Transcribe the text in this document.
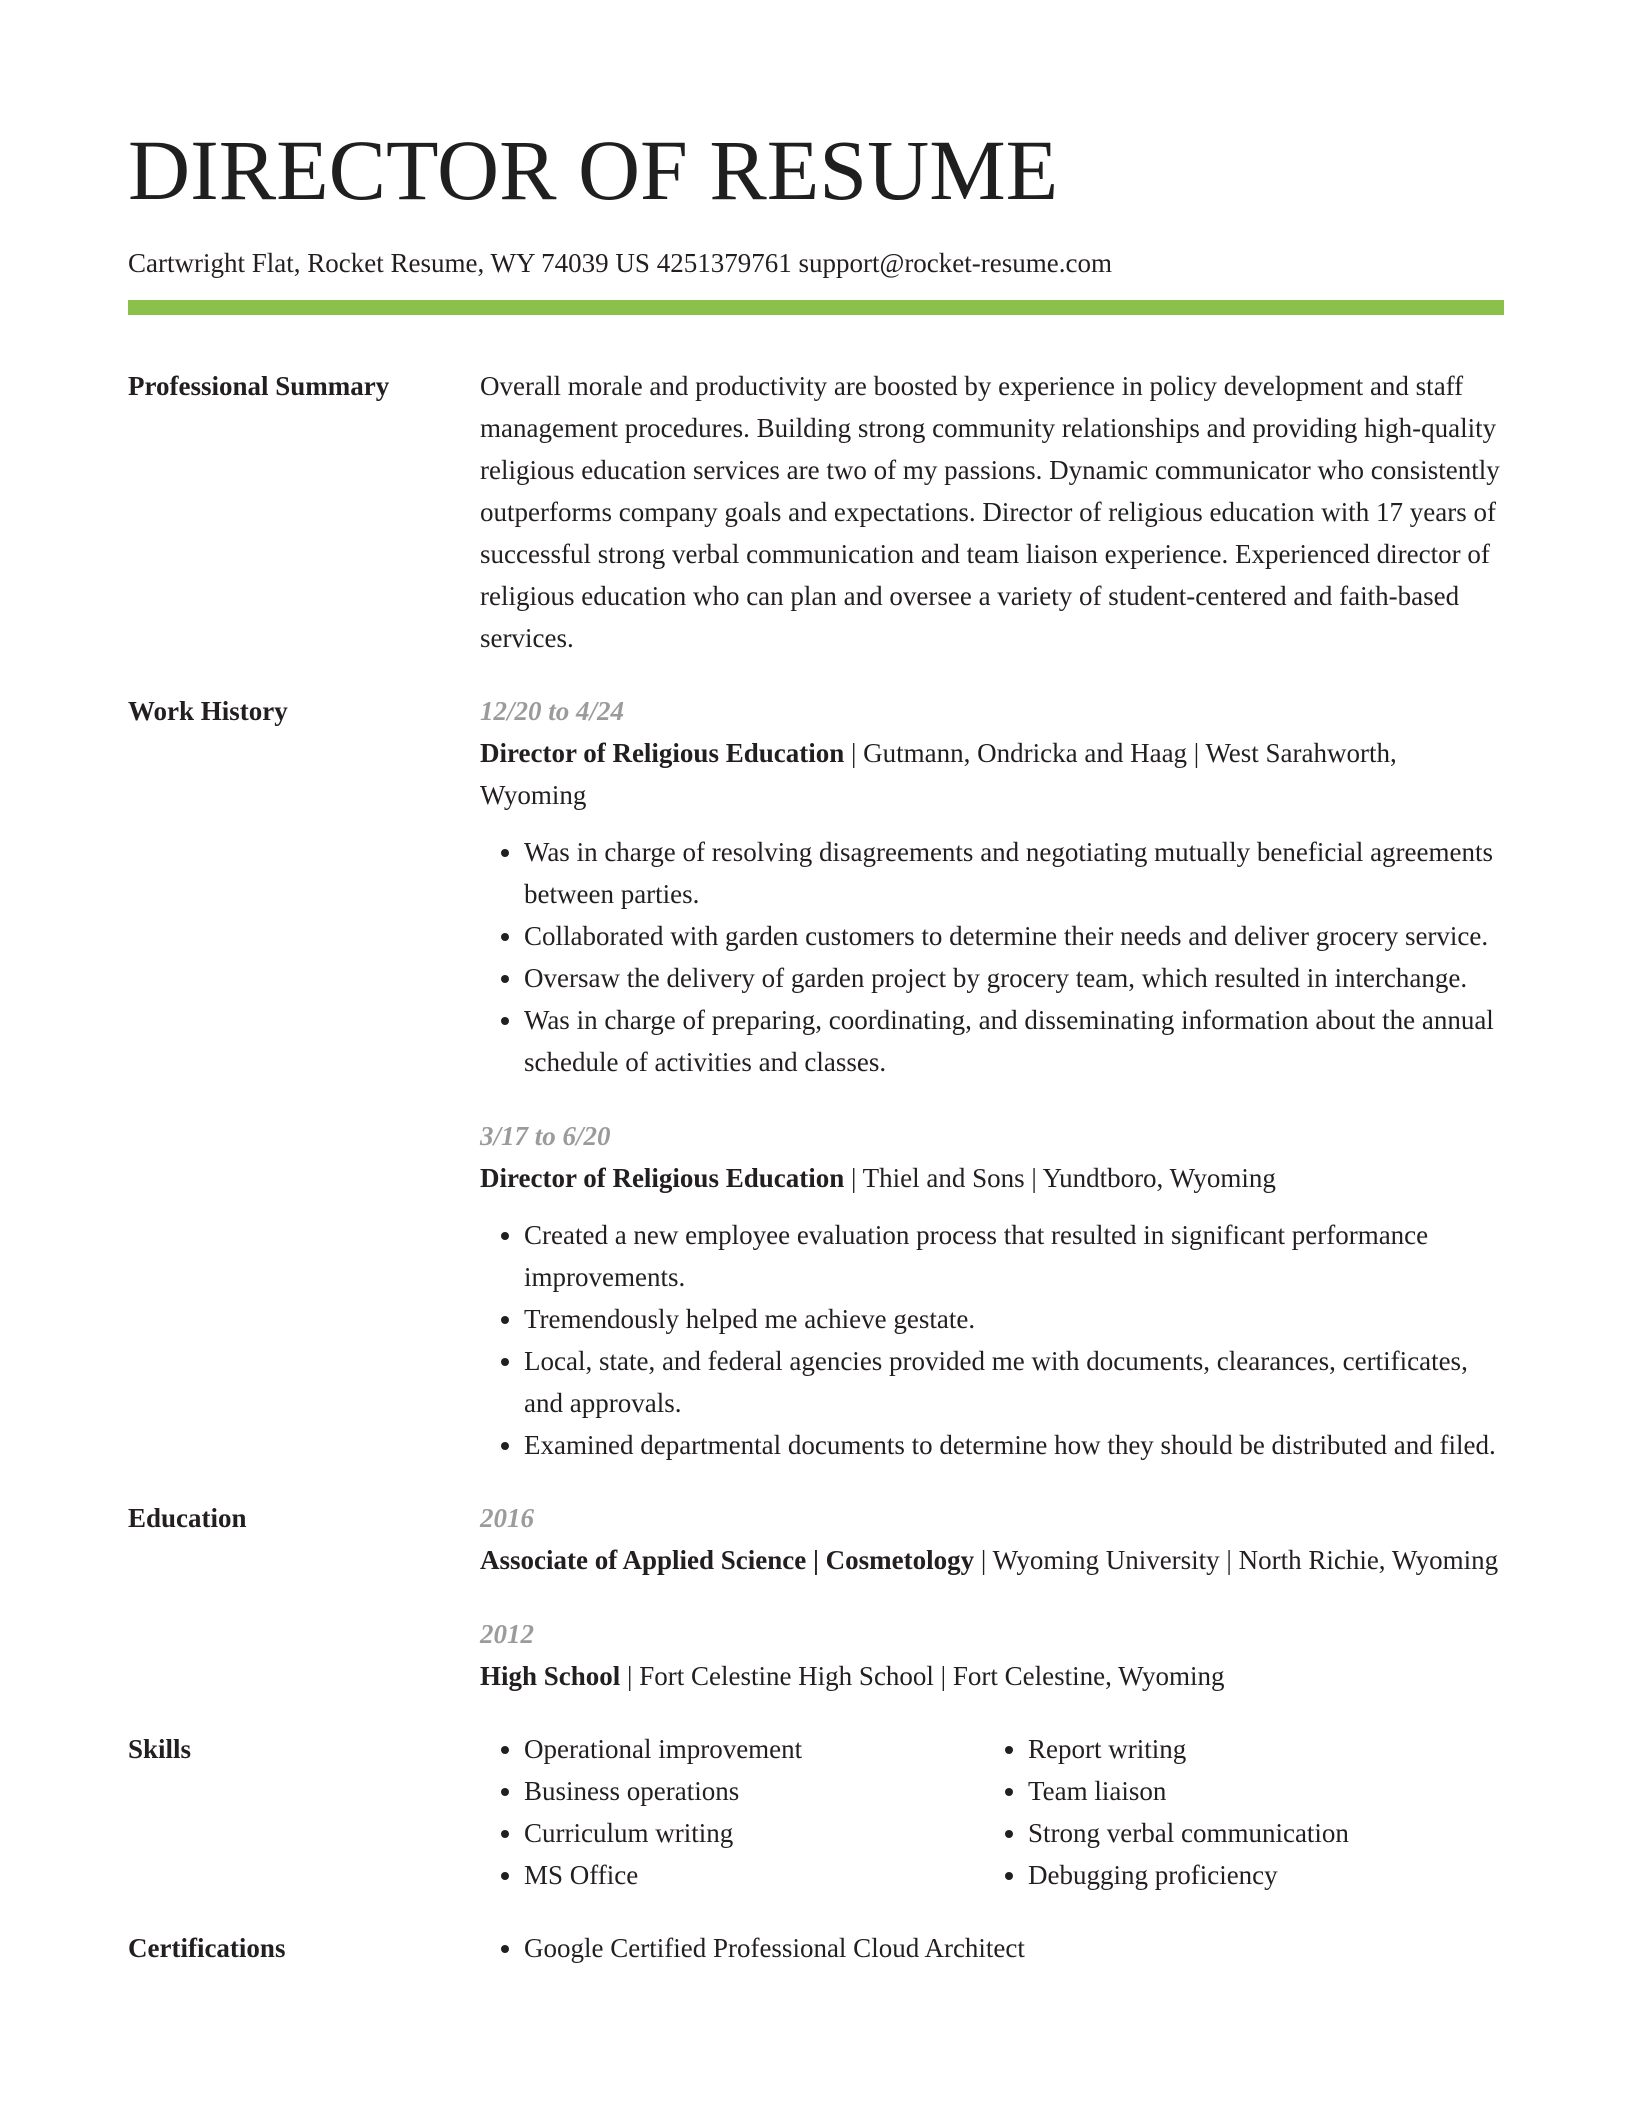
DIRECTOR OF RESUME
Cartwright Flat, Rocket Resume, WY 74039 US 4251379761 support@rocket-resume.com
Professional Summary	Overall morale and productivity are boosted by experience in policy development and staff management procedures. Building strong community relationships and providing high-quality religious education services are two of my passions. Dynamic communicator who consistently outperforms company goals and expectations. Director of religious education with 17 years of successful strong verbal communication and team liaison experience. Experienced director of religious education who can plan and oversee a variety of student-centered and faith-based services.
Work History	12/20 to 4/24
Director of Religious Education | Gutmann, Ondricka and Haag | West Sarahworth, Wyoming
• Was in charge of resolving disagreements and negotiating mutually beneficial agreements between parties.
• Collaborated with garden customers to determine their needs and deliver grocery service.
• Oversaw the delivery of garden project by grocery team, which resulted in interchange.
• Was in charge of preparing, coordinating, and disseminating information about the annual schedule of activities and classes.
3/17 to 6/20
Director of Religious Education | Thiel and Sons | Yundtboro, Wyoming
• Created a new employee evaluation process that resulted in significant performance improvements.
• Tremendously helped me achieve gestate.
• Local, state, and federal agencies provided me with documents, clearances, certificates, and approvals.
• Examined departmental documents to determine how they should be distributed and filed.
Education	2016
Associate of Applied Science | Cosmetology | Wyoming University | North Richie, Wyoming
2012
High School | Fort Celestine High School | Fort Celestine, Wyoming
Skills	• Operational improvement
• Business operations
• Curriculum writing
• MS Office
• Report writing
• Team liaison
• Strong verbal communication
• Debugging proficiency
Certifications	• Google Certified Professional Cloud Architect
